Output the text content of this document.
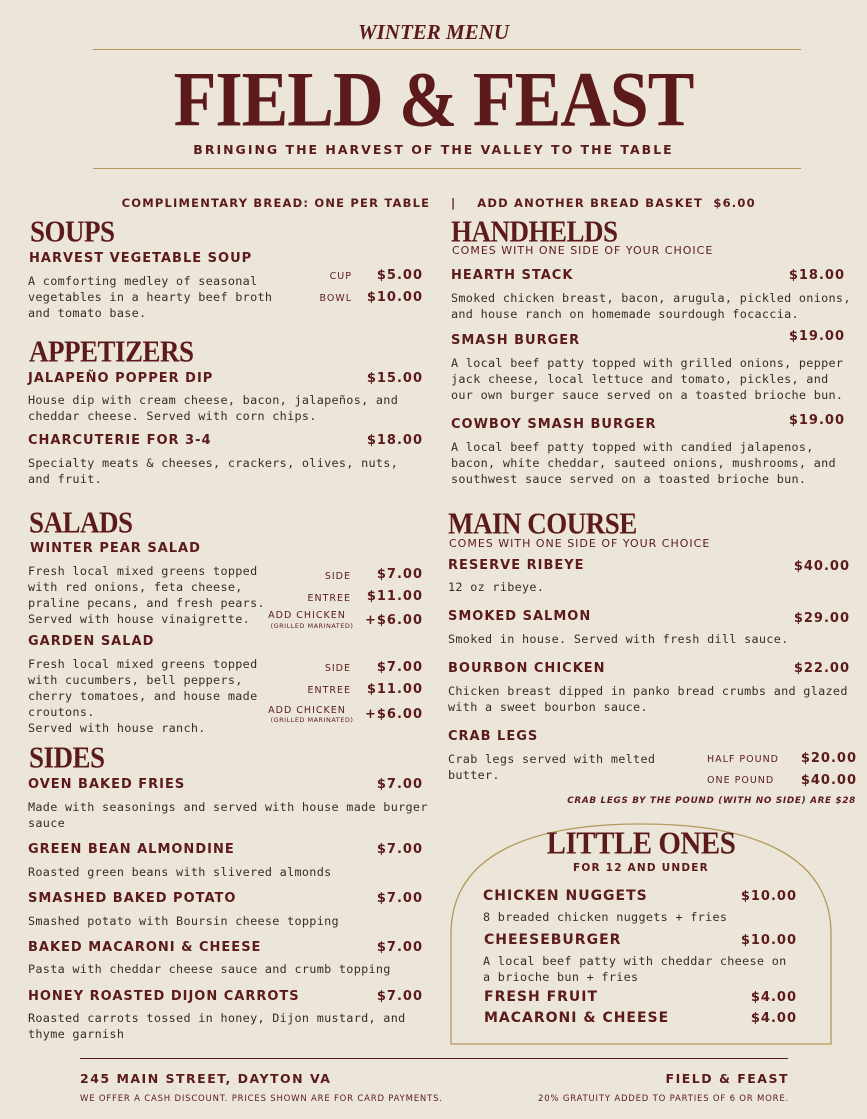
WINTER MENU
FIELD & FEAST
BRINGING THE HARVEST OF THE VALLEY TO THE TABLE

COMPLIMENTARY BREAD: ONE PER TABLE | ADD ANOTHER BREAD BASKET  $6.00

SOUPS
HARVEST VEGETABLE SOUP
A comforting medley of seasonal vegetables in a hearty beef broth and tomato base.
CUP	$5.00
BOWL	$10.00
APPETIZERS
JALAPEÑO POPPER DIP	$15.00
House dip with cream cheese, bacon, jalapeños, and cheddar cheese. Served with corn chips.
CHARCUTERIE FOR 3-4	$18.00
Specialty meats & cheeses, crackers, olives, nuts, and fruit.
SALADS
WINTER PEAR SALAD
Fresh local mixed greens topped with red onions, feta cheese, praline pecans, and fresh pears. Served with house vinaigrette.
SIDE	$7.00
ENTREE	$11.00
ADD CHICKEN
(GRILLED MARINATED) +$6.00
GARDEN SALAD
Fresh local mixed greens topped with cucumbers, bell peppers, cherry tomatoes, and house made croutons.
Served with house ranch.
SIDE	$7.00
ENTREE	$11.00
ADD CHICKEN
(GRILLED MARINATED) +$6.00
SIDES
OVEN BAKED FRIES	$7.00
Made with seasonings and served with house made burger sauce
GREEN BEAN ALMONDINE	$7.00
Roasted green beans with slivered almonds
SMASHED BAKED POTATO	$7.00
Smashed potato with Boursin cheese topping
BAKED MACARONI & CHEESE	$7.00
Pasta with cheddar cheese sauce and crumb topping
HONEY ROASTED DIJON CARROTS	$7.00
Roasted carrots tossed in honey, Dijon mustard, and thyme garnish
HANDHELDS
COMES WITH ONE SIDE OF YOUR CHOICE
HEARTH STACK	$18.00
Smoked chicken breast, bacon, arugula, pickled onions, and house ranch on homemade sourdough focaccia.
SMASH BURGER	$19.00
A local beef patty topped with grilled onions, pepper jack cheese, local lettuce and tomato, pickles, and our own burger sauce served on a toasted brioche bun.
COWBOY SMASH BURGER	$19.00
A local beef patty topped with candied jalapenos, bacon, white cheddar, sauteed onions, mushrooms, and southwest sauce served on a toasted brioche bun.
MAIN COURSE
COMES WITH ONE SIDE OF YOUR CHOICE
RESERVE RIBEYE	$40.00
12 oz ribeye.
SMOKED SALMON	$29.00
Smoked in house. Served with fresh dill sauce.
BOURBON CHICKEN	$22.00
Chicken breast dipped in panko bread crumbs and glazed with a sweet bourbon sauce.
CRAB LEGS
Crab legs served with melted butter.
HALF POUND	$20.00
ONE POUND	$40.00
CRAB LEGS BY THE POUND (WITH NO SIDE) ARE $28
LITTLE ONES
FOR 12 AND UNDER
CHICKEN NUGGETS	$10.00
8 breaded chicken nuggets + fries
CHEESEBURGER	$10.00
A local beef patty with cheddar cheese on a brioche bun + fries
FRESH FRUIT	$4.00
MACARONI & CHEESE	$4.00
245 MAIN STREET, DAYTON VA
WE OFFER A CASH DISCOUNT. PRICES SHOWN ARE FOR CARD PAYMENTS.
FIELD & FEAST
20% GRATUITY ADDED TO PARTIES OF 6 OR MORE.
